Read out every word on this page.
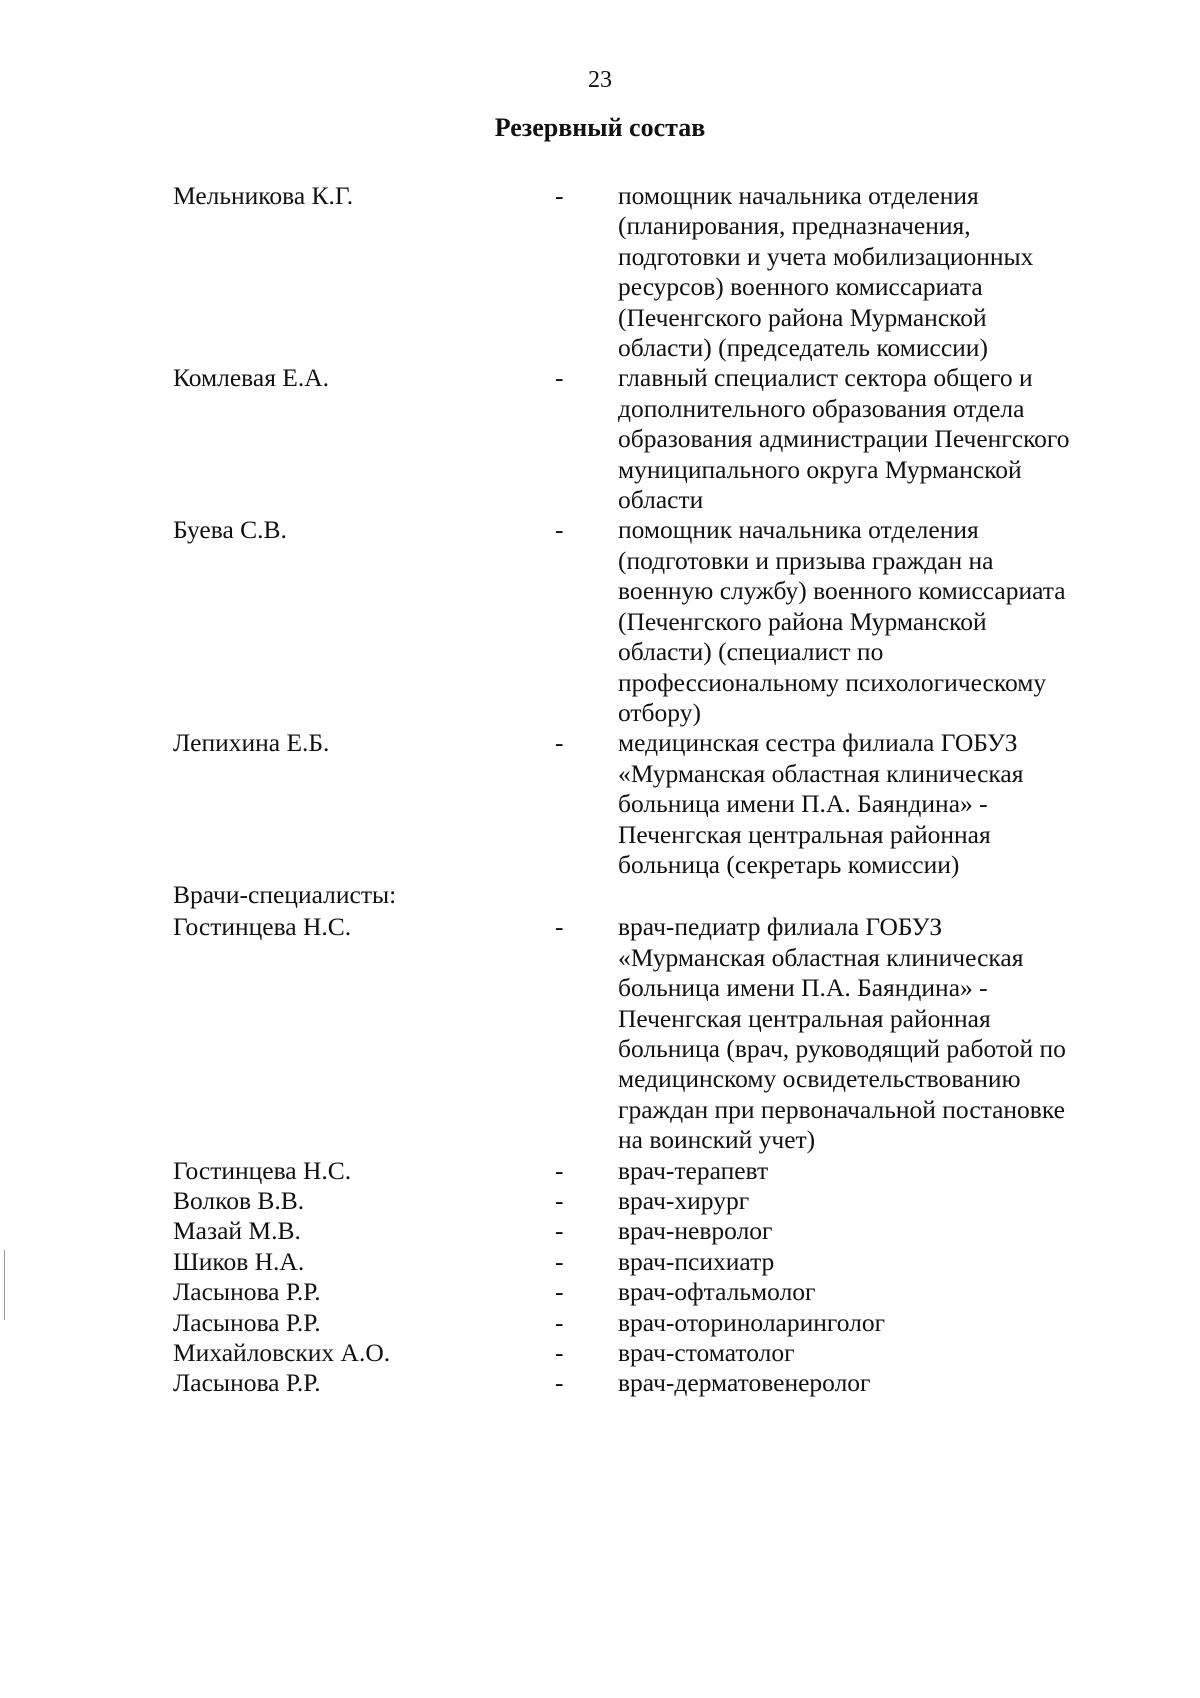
23
Резервный состав
Мельникова К.Г.	- помощник начальника отделения
(планирования, предназначения,
подготовки и учета мобилизационных
ресурсов) военного комиссариата
(Печенгского района Мурманской
области) (председатель комиссии)
Комлевая Е.А.	- главный специалист сектора общего и
дополнительного образования отдела
образования администрации Печенгского
муниципального округа Мурманской
области
Буева С.В.	- помощник начальника отделения
(подготовки и призыва граждан на
военную службу) военного комиссариата
(Печенгского района Мурманской
области) (специалист по
профессиональному психологическому
отбору)
Лепихина Е.Б.	- медицинская сестра филиала ГОБУЗ
«Мурманская областная клиническая
больница имени П.А. Баяндина» -
Печенгская центральная районная
больница (секретарь комиссии)
Врачи-специалисты:
Гостинцева Н.С.	- врач-педиатр филиала ГОБУЗ
«Мурманская областная клиническая
больница имени П.А. Баяндина» -
Печенгская центральная районная
больница (врач, руководящий работой по
медицинскому освидетельствованию
граждан при первоначальной постановке
на воинский учет)
Гостинцева Н.С.	- врач-терапевт
Волков В.В.	- врач-хирург
Мазай М.В.	- врач-невролог
Шиков Н.А.	- врач-психиатр
Ласынова Р.Р.	- врач-офтальмолог
Ласынова Р.Р.	- врач-оториноларинголог
Михайловских А.О.	- врач-стоматолог
Ласынова Р.Р.	- врач-дерматовенеролог
